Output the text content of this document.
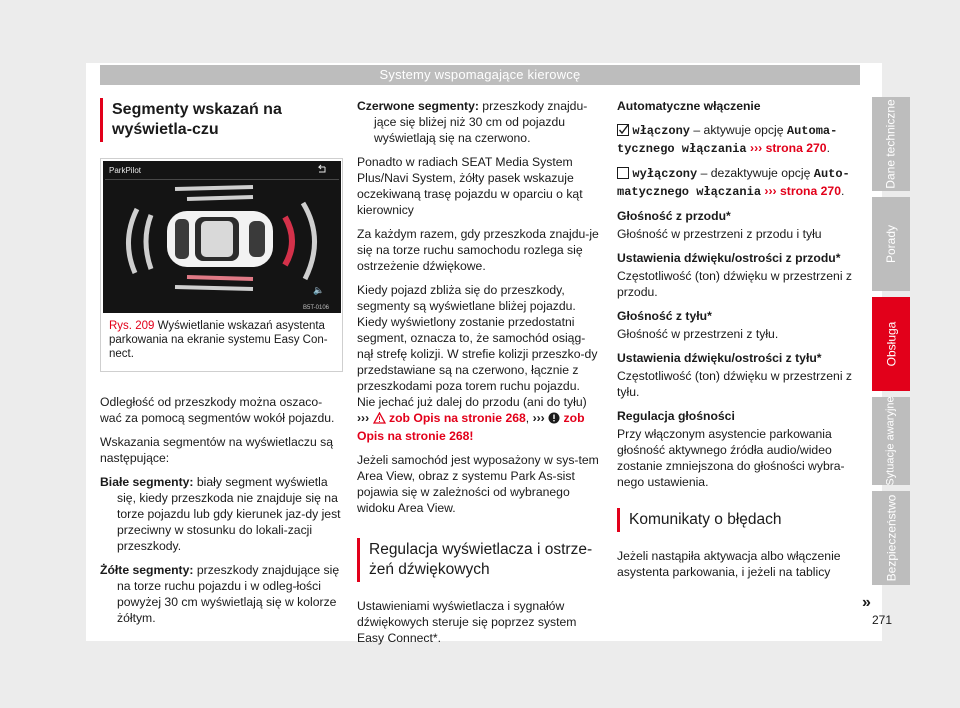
Systemy wspomagające kierowcę
Segmenty wskazań na wyświetla-czu
ParkPilot
🔈
B5T-0106
Rys. 209 Wyświetlanie wskazań asystenta parkowania na ekranie systemu Easy Con-nect.

Odległość od przeszkody można oszaco-wać za pomocą segmentów wokół pojazdu.

Wskazania segmentów na wyświetlaczu są następujące:

Białe segmenty: biały segment wyświetla się, kiedy przeszkoda nie znajduje się na torze pojazdu lub gdy kierunek jaz-dy jest przeciwny w stosunku do lokali-zacji przeszkody.

Żółte segmenty: przeszkody znajdujące się na torze ruchu pojazdu i w odleg-łości powyżej 30 cm wyświetlają się w kolorze żółtym.

Czerwone segmenty: przeszkody znajdu-jące się bliżej niż 30 cm od pojazdu wyświetlają się na czerwono.

Ponadto w radiach SEAT Media System Plus/Navi System, żółty pasek wskazuje oczekiwaną trasę pojazdu w oparciu o kąt kierownicy

Za każdym razem, gdy przeszkoda znajdu-je się na torze ruchu samochodu rozlega się ostrzeżenie dźwiękowe.

Kiedy pojazd zbliża się do przeszkody, segmenty są wyświetlane bliżej pojazdu. Kiedy wyświetlony zostanie przedostatni segment, oznacza to, że samochód osiąg-nął strefę kolizji. W strefie kolizji przeszko-dy przedstawiane są na czerwono, łącznie z przeszkodami poza torem ruchu pojazdu. Nie jechać już dalej do przodu (ani do tyłu) ››› zob Opis na stronie 268, ››› zob Opis na stronie 268!

Jeżeli samochód jest wyposażony w sys-tem Area View, obraz z systemu Park As-sist pojawia się w zależności od wybranego widoku Area View.

Regulacja wyświetlacza i ostrze-żeń dźwiękowych

Ustawieniami wyświetlacza i sygnałów dźwiękowych steruje się poprzez system Easy Connect*.

Automatyczne włączenie

włączony – aktywuje opcję Automa-tycznego włączania ››› strona 270.

wyłączony – dezaktywuje opcję Auto-matycznego włączania ››› strona 270.

Głośność z przodu*

Głośność w przestrzeni z przodu i tyłu

Ustawienia dźwięku/ostrości z przodu*

Częstotliwość (ton) dźwięku w przestrzeni z przodu.

Głośność z tyłu*

Głośność w przestrzeni z tyłu.

Ustawienia dźwięku/ostrości z tyłu*

Częstotliwość (ton) dźwięku w przestrzeni z tyłu.

Regulacja głośności

Przy włączonym asystencie parkowania głośność aktywnego źródła audio/wideo zostanie zmniejszona do głośności wybra-nego ustawienia.

Komunikaty o błędach

Jeżeli nastąpiła aktywacja albo włączenie asystenta parkowania, i jeżeli na tablicy

Dane techniczne
Porady
Obsługa
Sytuacje awaryjne
Bezpieczeństwo
»
271
